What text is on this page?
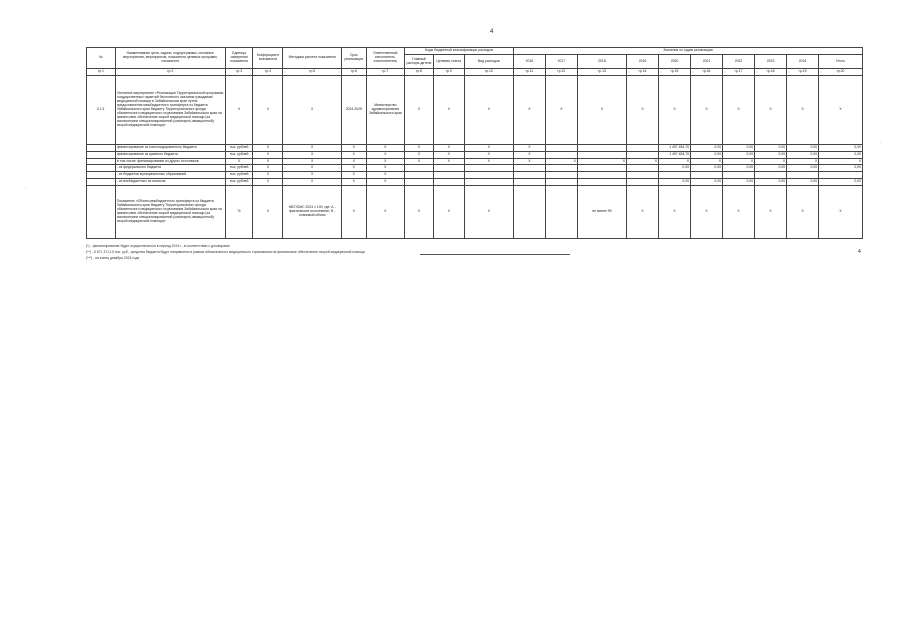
4
№	Наименование цели, задачи, подпрограммы, основные мероприятия, мероприятия, показатели целевых программ, показатели	Единица измерения показателя	Коэффициент значимости	Методика расчета показателя	Срок реализации	Ответственный исполнитель, соисполнитель	Коды бюджетной классификации расходов			Значения по годам реализации									
							Главный распоря-дитель	Целевая статья	Вид расходов	2016	2017	2018	2019	2020	2021	2022	2023	2024	Итого
гр.1	гр.2	гр.3	гр.4	гр.5	гр.6	гр.7	гр.8	гр.9	гр.10	гр.11	гр.12	гр.13	гр.14	гр.15	гр.16	гр.17	гр.18	гр.19	гр.20
3.1.3.	Основное мероприятие «Реализация Территориальной программы государственных гарантий бесплатного оказания гражданам медицинской помощи в Забайкальском крае путем предоставления межбюджетного трансферта из бюджета Забайкальского края бюджету Территориального фонда обязательного медицинского страхования Забайкальского края на финансовое обеспечение скорой медицинской помощи (за исключением специализированной (санитарно-авиационной) скорой медицинской помощи)»	X	X	X	2024-2025	Министерство здравоохранения Забайкальского края	X	X	X	X	X	X	X	X	X	X	X	X	X
	финансирование из консолидированного бюджета	тыс. рублей	X	X	X	X	X	X	X	X				1 497 454,70	0,00	0,00	0,00	0,00	0,00
	финансирование из краевого бюджета	тыс. рублей	X	X	X	X	X	X	X	X				1 497 454,70	0,00	0,00	0,00	0,00	0,00
	в том числе: финансирование из других источников	X	X	X	X	X	X	X	X	X	X	X	X	X	X	X	X	X	X
	- из федерального бюджета	тыс. рублей	X	X	X	X								0,00	0,00	0,00	0,00	0,00	0,00
	- из бюджетов муниципальных образований	тыс. рублей	X	X	X	X													
	- из внебюджетных источников	тыс. рублей	X	X	X	X								0,00	0,00	0,00	0,00	0,00	0,00
	Показатель «Объем межбюджетного трансферта из бюджета Забайкальского края бюджету Территориального фонда обязательного медицинского страхования Забайкальского края на финансовое обеспечение скорой медицинской помощи (за исключением специализированной (санитарно-авиационной) скорой медицинской помощи)»	%	X	МБТ/ОМС 2024 × 100, где: А - фактическое исполнение; В - плановый объем	X	X	X	X	X			не менее 99	X	X	X	X	X	X	X
(*) - финансирование будет осуществляться в период 2024 г., в соответствии с договорами
(**) - 6 571 371,10 тыс. руб., средства бюджета будут направлены в рамках обязательного медицинского страхования на финансовое обеспечение скорой медицинской помощи
(***) - на конец декабря 2024 года
4
·
·
